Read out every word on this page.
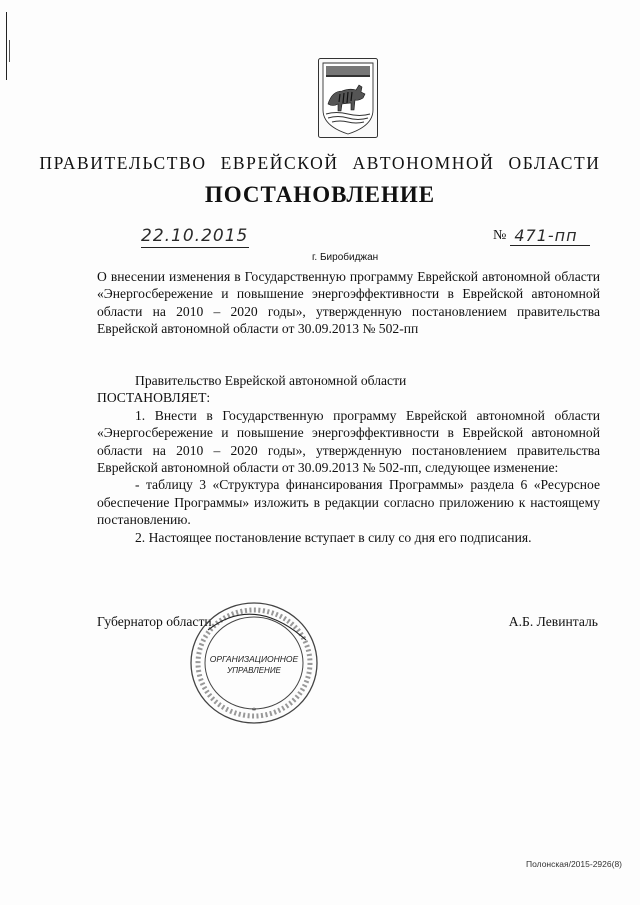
ПРАВИТЕЛЬСТВО ЕВРЕЙСКОЙ АВТОНОМНОЙ ОБЛАСТИ
ПОСТАНОВЛЕНИЕ
22.10.2015	№ 471-пп
г. Биробиджан
О внесении изменения в Государственную программу Еврейской автономной области «Энергосбережение и повышение энергоэффективности в Еврейской автономной области на 2010 – 2020 годы», утвержденную постановлением правительства Еврейской автономной области от 30.09.2013 № 502-пп

Правительство Еврейской автономной области

ПОСТАНОВЛЯЕТ:

1. Внести в Государственную программу Еврейской автономной области «Энергосбережение и повышение энергоэффективности в Еврейской автономной области на 2010 – 2020 годы», утвержденную постановлением правительства Еврейской автономной области от 30.09.2013 № 502-пп, следующее изменение:

- таблицу 3 «Структура финансирования Программы» раздела 6 «Ресурсное обеспечение Программы» изложить в редакции согласно приложению к настоящему постановлению.

2. Настоящее постановление вступает в силу со дня его подписания.

Губернатор области	А.Б. Левинталь
ОРГАНИЗАЦИОННОЕ
УПРАВЛЕНИЕ
*
Полонская/2015-2926(8)
